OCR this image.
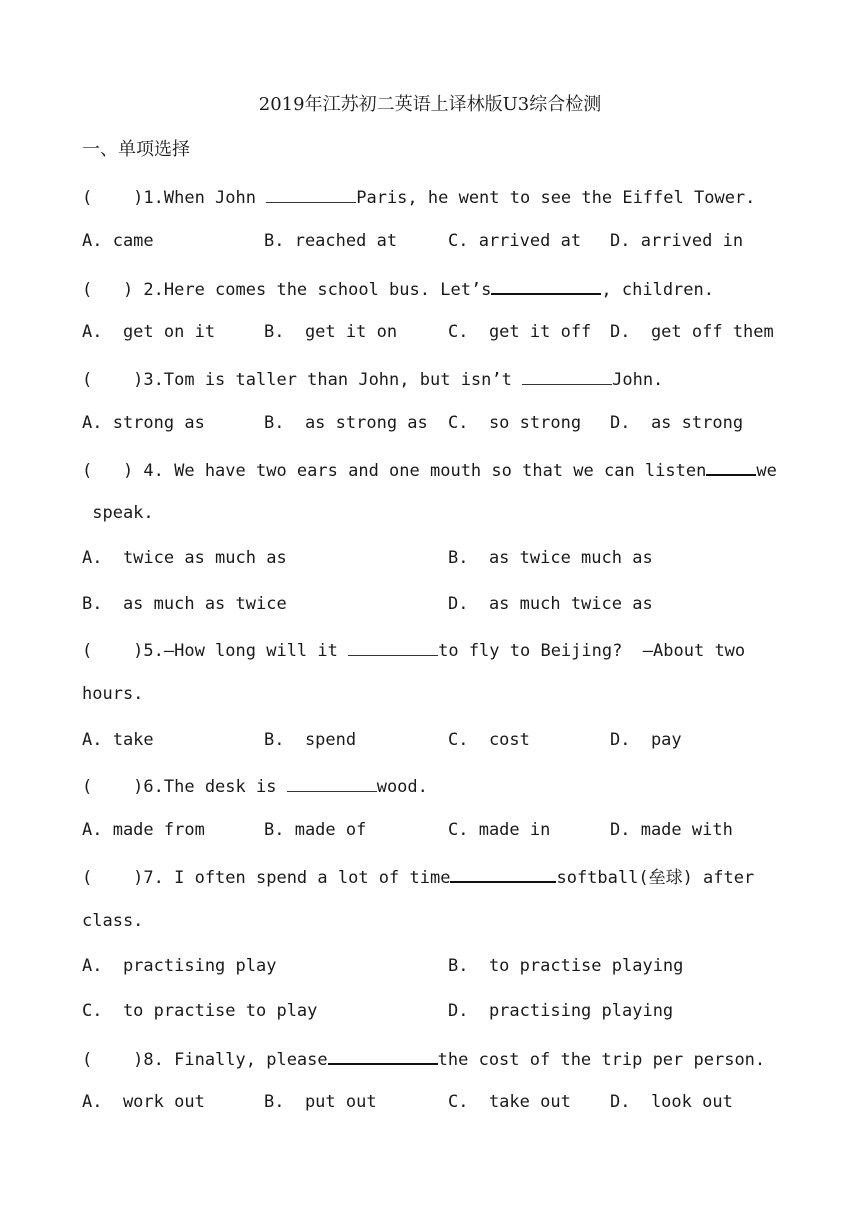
2019年江苏初二英语上译林版U3综合检测
一、单项选择
(    )1.When John	Paris, he went to see the Eiffel Tower.
A. came	B. reached at	C. arrived at D. arrived in
(   ) 2.Here comes the school bus. Let’s	, children.
A.  get on it	B.  get it on	C.  get it off D.  get off them
(    )3.Tom is taller than John, but isn’t	John.
A. strong as	B.  as strong as C.  so strong D.  as strong
(   ) 4. We have two ears and one mouth so that we can listen	we
speak.
A.  twice as much as	B.  as twice much as
B.  as much as twice	D.  as much twice as
(    )5.—How long will it	to fly to Beijing?  —About two
hours.
A. take	B.  spend	C.  cost	D.  pay
(    )6.The desk is	wood.
A. made from	B. made of	C. made in	D. made with
(    )7. I often spend a lot of time	softball(垒球) after
class.
A.  practising play	B.  to practise playing
C.  to practise to play	D.  practising playing
(    )8. Finally, please	the cost of the trip per person.
A.  work out	B.  put out	C.  take out D.  look out
